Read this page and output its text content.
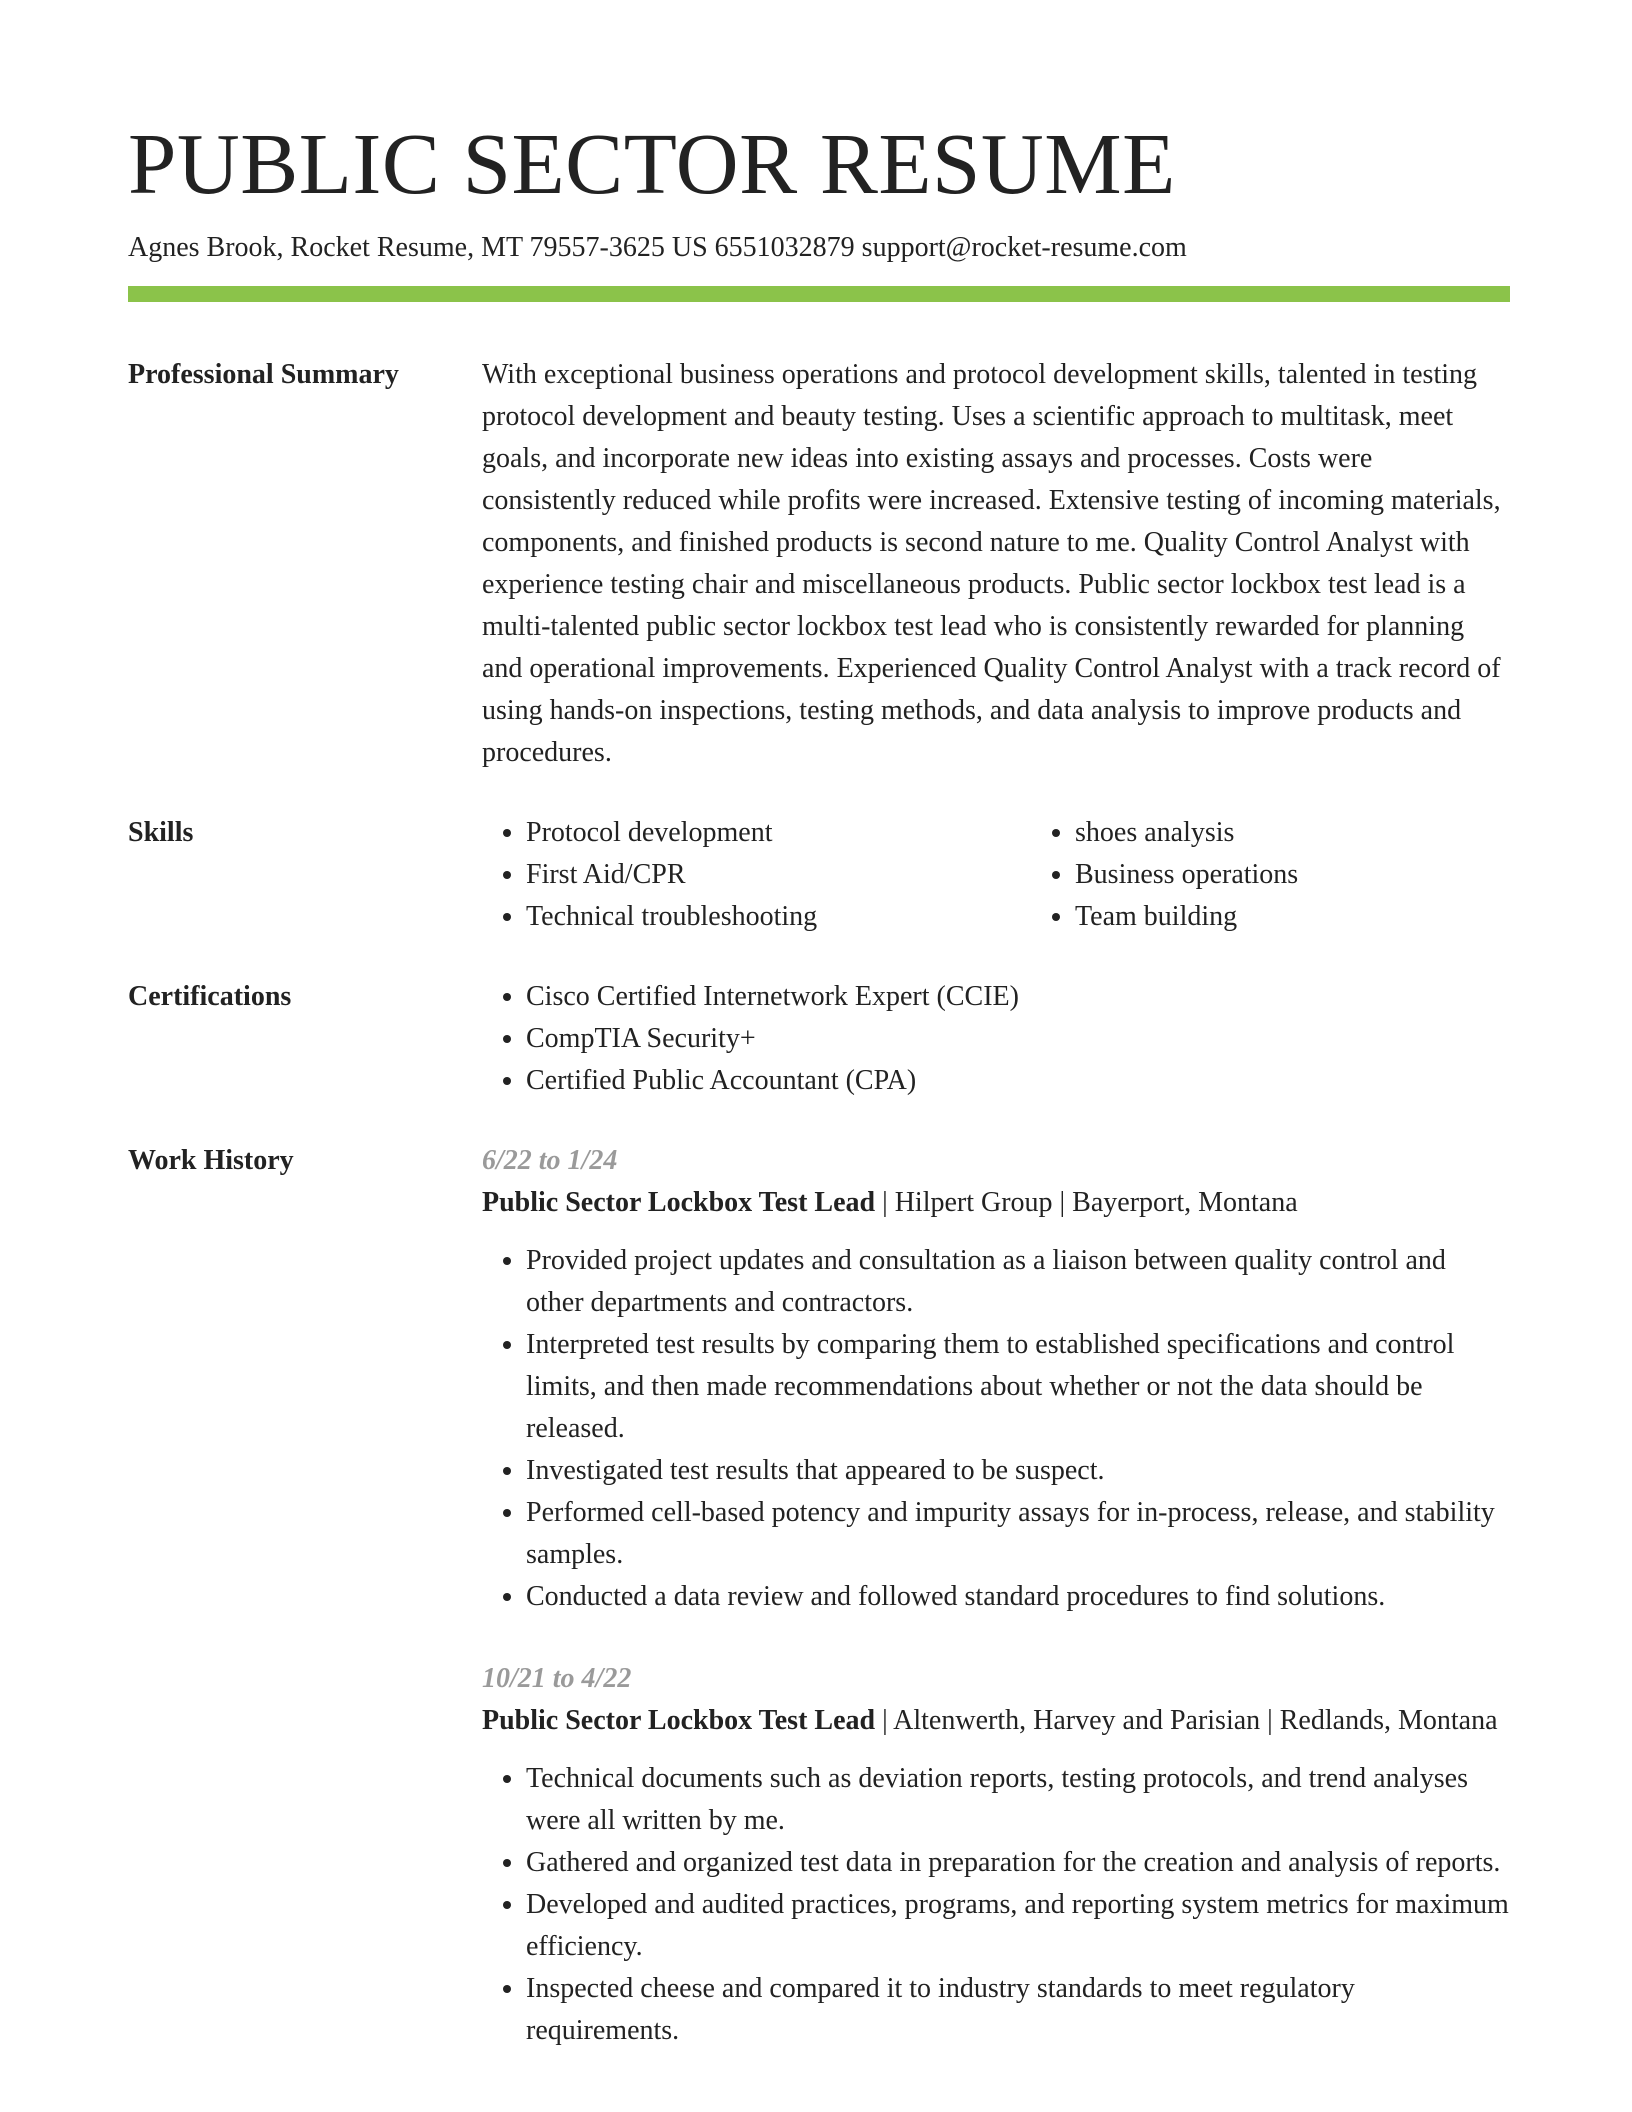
PUBLIC SECTOR RESUME
Agnes Brook, Rocket Resume, MT 79557-3625 US 6551032879 support@rocket-resume.com
Professional Summary	With exceptional business operations and protocol development skills, talented in testing protocol development and beauty testing. Uses a scientific approach to multitask, meet goals, and incorporate new ideas into existing assays and processes. Costs were consistently reduced while profits were increased. Extensive testing of incoming materials, components, and finished products is second nature to me. Quality Control Analyst with experience testing chair and miscellaneous products. Public sector lockbox test lead is a multi-talented public sector lockbox test lead who is consistently rewarded for planning and operational improvements. Experienced Quality Control Analyst with a track record of using hands-on inspections, testing methods, and data analysis to improve products and procedures.
Skills	• Protocol development
• First Aid/CPR
• Technical troubleshooting
• shoes analysis
• Business operations
• Team building
Certifications	• Cisco Certified Internetwork Expert (CCIE)
• CompTIA Security+
• Certified Public Accountant (CPA)
Work History	6/22 to 1/24
Public Sector Lockbox Test Lead | Hilpert Group | Bayerport, Montana
• Provided project updates and consultation as a liaison between quality control and other departments and contractors.
• Interpreted test results by comparing them to established specifications and control limits, and then made recommendations about whether or not the data should be released.
• Investigated test results that appeared to be suspect.
• Performed cell-based potency and impurity assays for in-process, release, and stability samples.
• Conducted a data review and followed standard procedures to find solutions.
10/21 to 4/22
Public Sector Lockbox Test Lead | Altenwerth, Harvey and Parisian | Redlands, Montana
• Technical documents such as deviation reports, testing protocols, and trend analyses were all written by me.
• Gathered and organized test data in preparation for the creation and analysis of reports.
• Developed and audited practices, programs, and reporting system metrics for maximum efficiency.
• Inspected cheese and compared it to industry standards to meet regulatory requirements.
